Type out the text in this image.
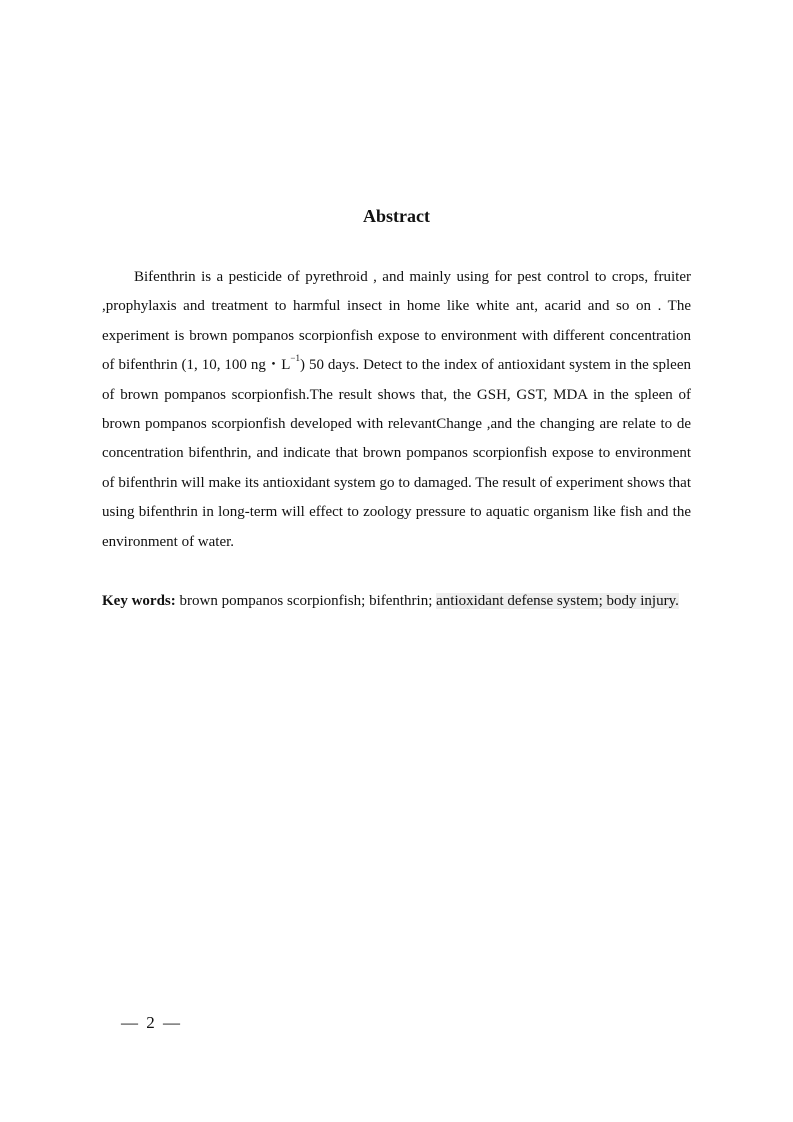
Abstract

Bifenthrin is a pesticide of pyrethroid , and mainly using for pest control to crops, fruiter ,prophylaxis and treatment to harmful insect in home like white ant, acarid and so on . The experiment is brown pompanos scorpionfish expose to environment with different concentration of bifenthrin (1, 10, 100 ng・$L^{-1}$) 50 days. Detect to the index of antioxidant system in the spleen of brown pompanos scorpionfish.The result shows that, the GSH, GST, MDA in the spleen of brown pompanos scorpionfish developed with relevantChange ,and the changing are relate to de concentration bifenthrin, and indicate that brown pompanos scorpionfish expose to environment of bifenthrin will make its antioxidant system go to damaged. The result of experiment shows that using bifenthrin in long-term will effect to zoology pressure to aquatic organism like fish and the environment of water.

Key words: brown pompanos scorpionfish; bifenthrin; antioxidant defense system; body injury.

— 2 —
